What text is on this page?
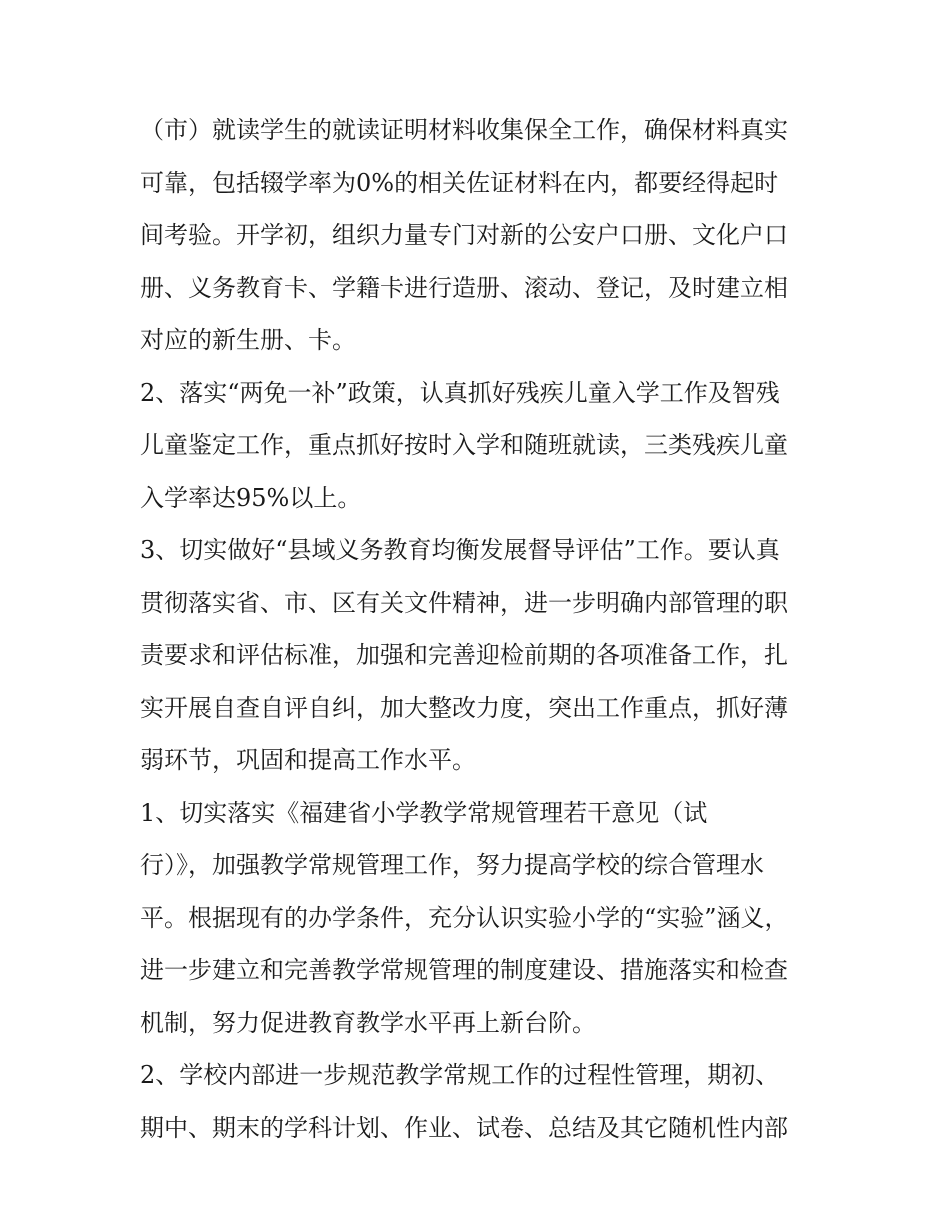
（市）就读学生的就读证明材料收集保全工作，确保材料真实
可靠，包括辍学率为0%的相关佐证材料在内，都要经得起时
间考验。开学初，组织力量专门对新的公安户口册、文化户口
册、义务教育卡、学籍卡进行造册、滚动、登记，及时建立相
对应的新生册、卡。
2、落实“两免一补”政策，认真抓好残疾儿童入学工作及智残
儿童鉴定工作，重点抓好按时入学和随班就读，三类残疾儿童
入学率达95%以上。
3、切实做好“县域义务教育均衡发展督导评估”工作。要认真
贯彻落实省、市、区有关文件精神，进一步明确内部管理的职
责要求和评估标准，加强和完善迎检前期的各项准备工作，扎
实开展自查自评自纠，加大整改力度，突出工作重点，抓好薄
弱环节，巩固和提高工作水平。
1、切实落实《福建省小学教学常规管理若干意见（试
行）》，加强教学常规管理工作，努力提高学校的综合管理水
平。根据现有的办学条件，充分认识实验小学的“实验”涵义，
进一步建立和完善教学常规管理的制度建设、措施落实和检查
机制，努力促进教育教学水平再上新台阶。
2、学校内部进一步规范教学常规工作的过程性管理，期初、
期中、期末的学科计划、作业、试卷、总结及其它随机性内部
